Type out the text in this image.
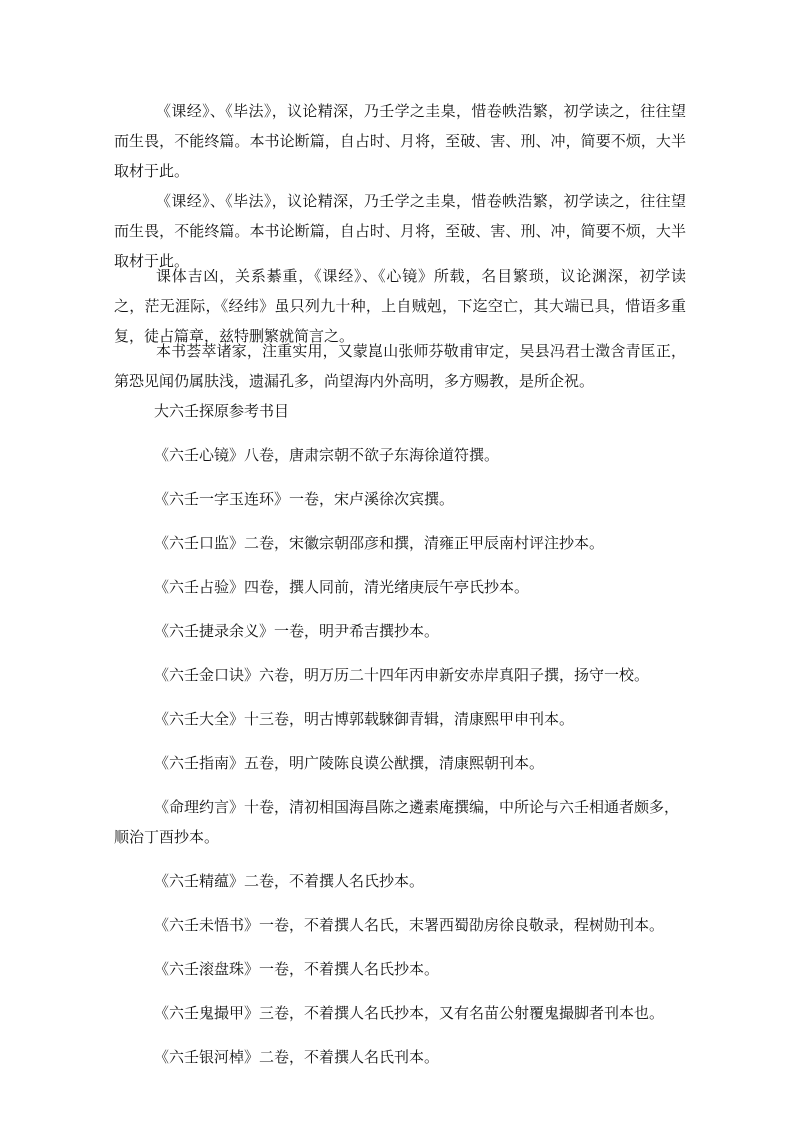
《课经》、《毕法》，议论精深，乃壬学之圭臬，惜卷帙浩繁，初学读之，往往望而生畏，不能终篇。本书论断篇，自占时、月将，至破、害、刑、冲，简要不烦，大半取材于此。

《课经》、《毕法》，议论精深，乃壬学之圭臬，惜卷帙浩繁，初学读之，往往望而生畏，不能终篇。本书论断篇，自占时、月将，至破、害、刑、冲，简要不烦，大半取材于此。

课体吉凶，关系綦重，《课经》、《心镜》所载，名目繁琐，议论渊深，初学读之，茫无涯际，《经纬》虽只列九十种，上自贼剋，下迄空亡，其大端已具，惜语多重复，徒占篇章，兹特删繁就简言之。

本书荟萃诸家，注重实用，又蒙崑山张师芬敬甫审定，吴县冯君士澂含青匡正，第恐见闻仍属肤浅，遗漏孔多，尚望海内外高明，多方赐教，是所企祝。

大六壬探原参考书目

《六壬心镜》八卷，唐肃宗朝不欲子东海徐道符撰。

《六壬一字玉连环》一卷，宋卢溪徐次宾撰。

《六壬口监》二卷，宋徽宗朝邵彦和撰，清雍正甲辰南村评注抄本。

《六壬占验》四卷，撰人同前，清光绪庚辰午亭氏抄本。

《六壬捷录余义》一卷，明尹希吉撰抄本。

《六壬金口诀》六卷，明万历二十四年丙申新安赤岸真阳子撰，扬守一校。

《六壬大全》十三卷，明古博郭载騋御青辑，清康熙甲申刊本。

《六壬指南》五卷，明广陵陈良谟公猷撰，清康熙朝刊本。

《命理约言》十卷，清初相国海昌陈之遴素庵撰编，中所论与六壬相通者颇多，顺治丁酉抄本。

《六壬精蕴》二卷，不着撰人名氏抄本。

《六壬未悟书》一卷，不着撰人名氏，末署西蜀劭房徐良敬录，程树勋刊本。

《六壬滚盘珠》一卷，不着撰人名氏抄本。

《六壬鬼撮甲》三卷，不着撰人名氏抄本，又有名苗公射覆鬼撮脚者刊本也。

《六壬银河棹》二卷，不着撰人名氏刊本。
